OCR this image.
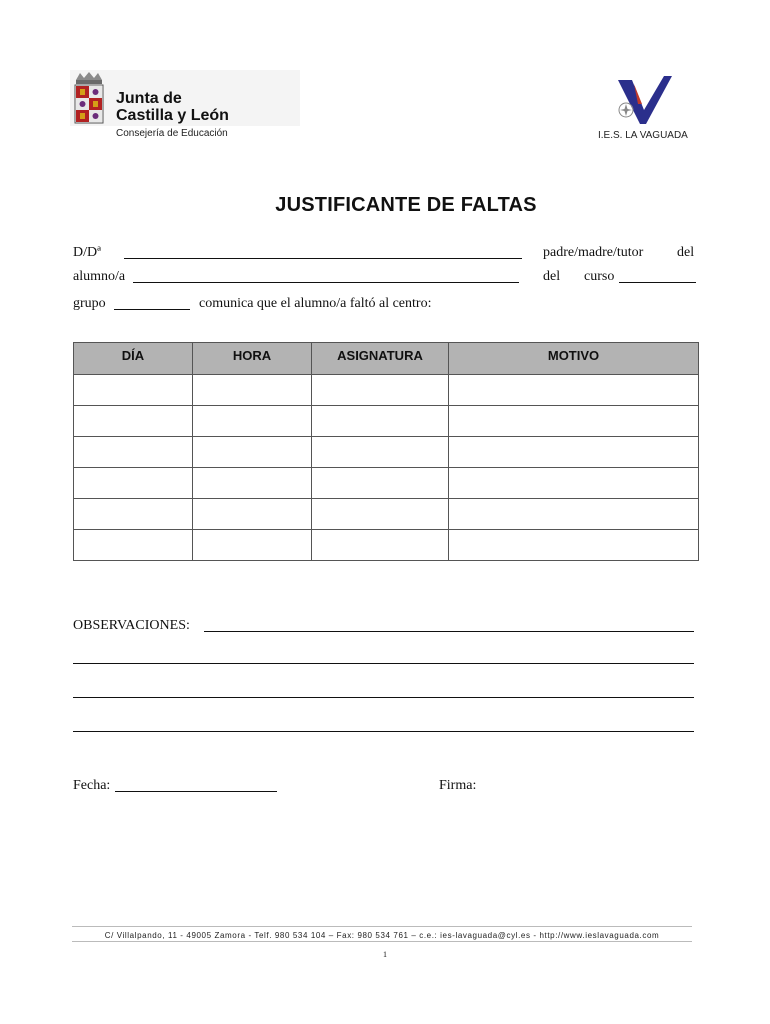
Junta de
Castilla y León
Consejería de Educación	I.E.S. LA VAGUADA
JUSTIFICANTE DE FALTAS
D/Dª	padre/madre/tutor del
alumno/a	del curso
grupo	comunica que el alumno/a faltó al centro:
DÍA	HORA	ASIGNATURA	MOTIVO

OBSERVACIONES:
Fecha:	Firma:
C/ Villalpando, 11 - 49005 Zamora - Telf. 980 534 104 – Fax: 980 534 761 – c.e.: ies-lavaguada@cyl.es - http://www.ieslavaguada.com
1
